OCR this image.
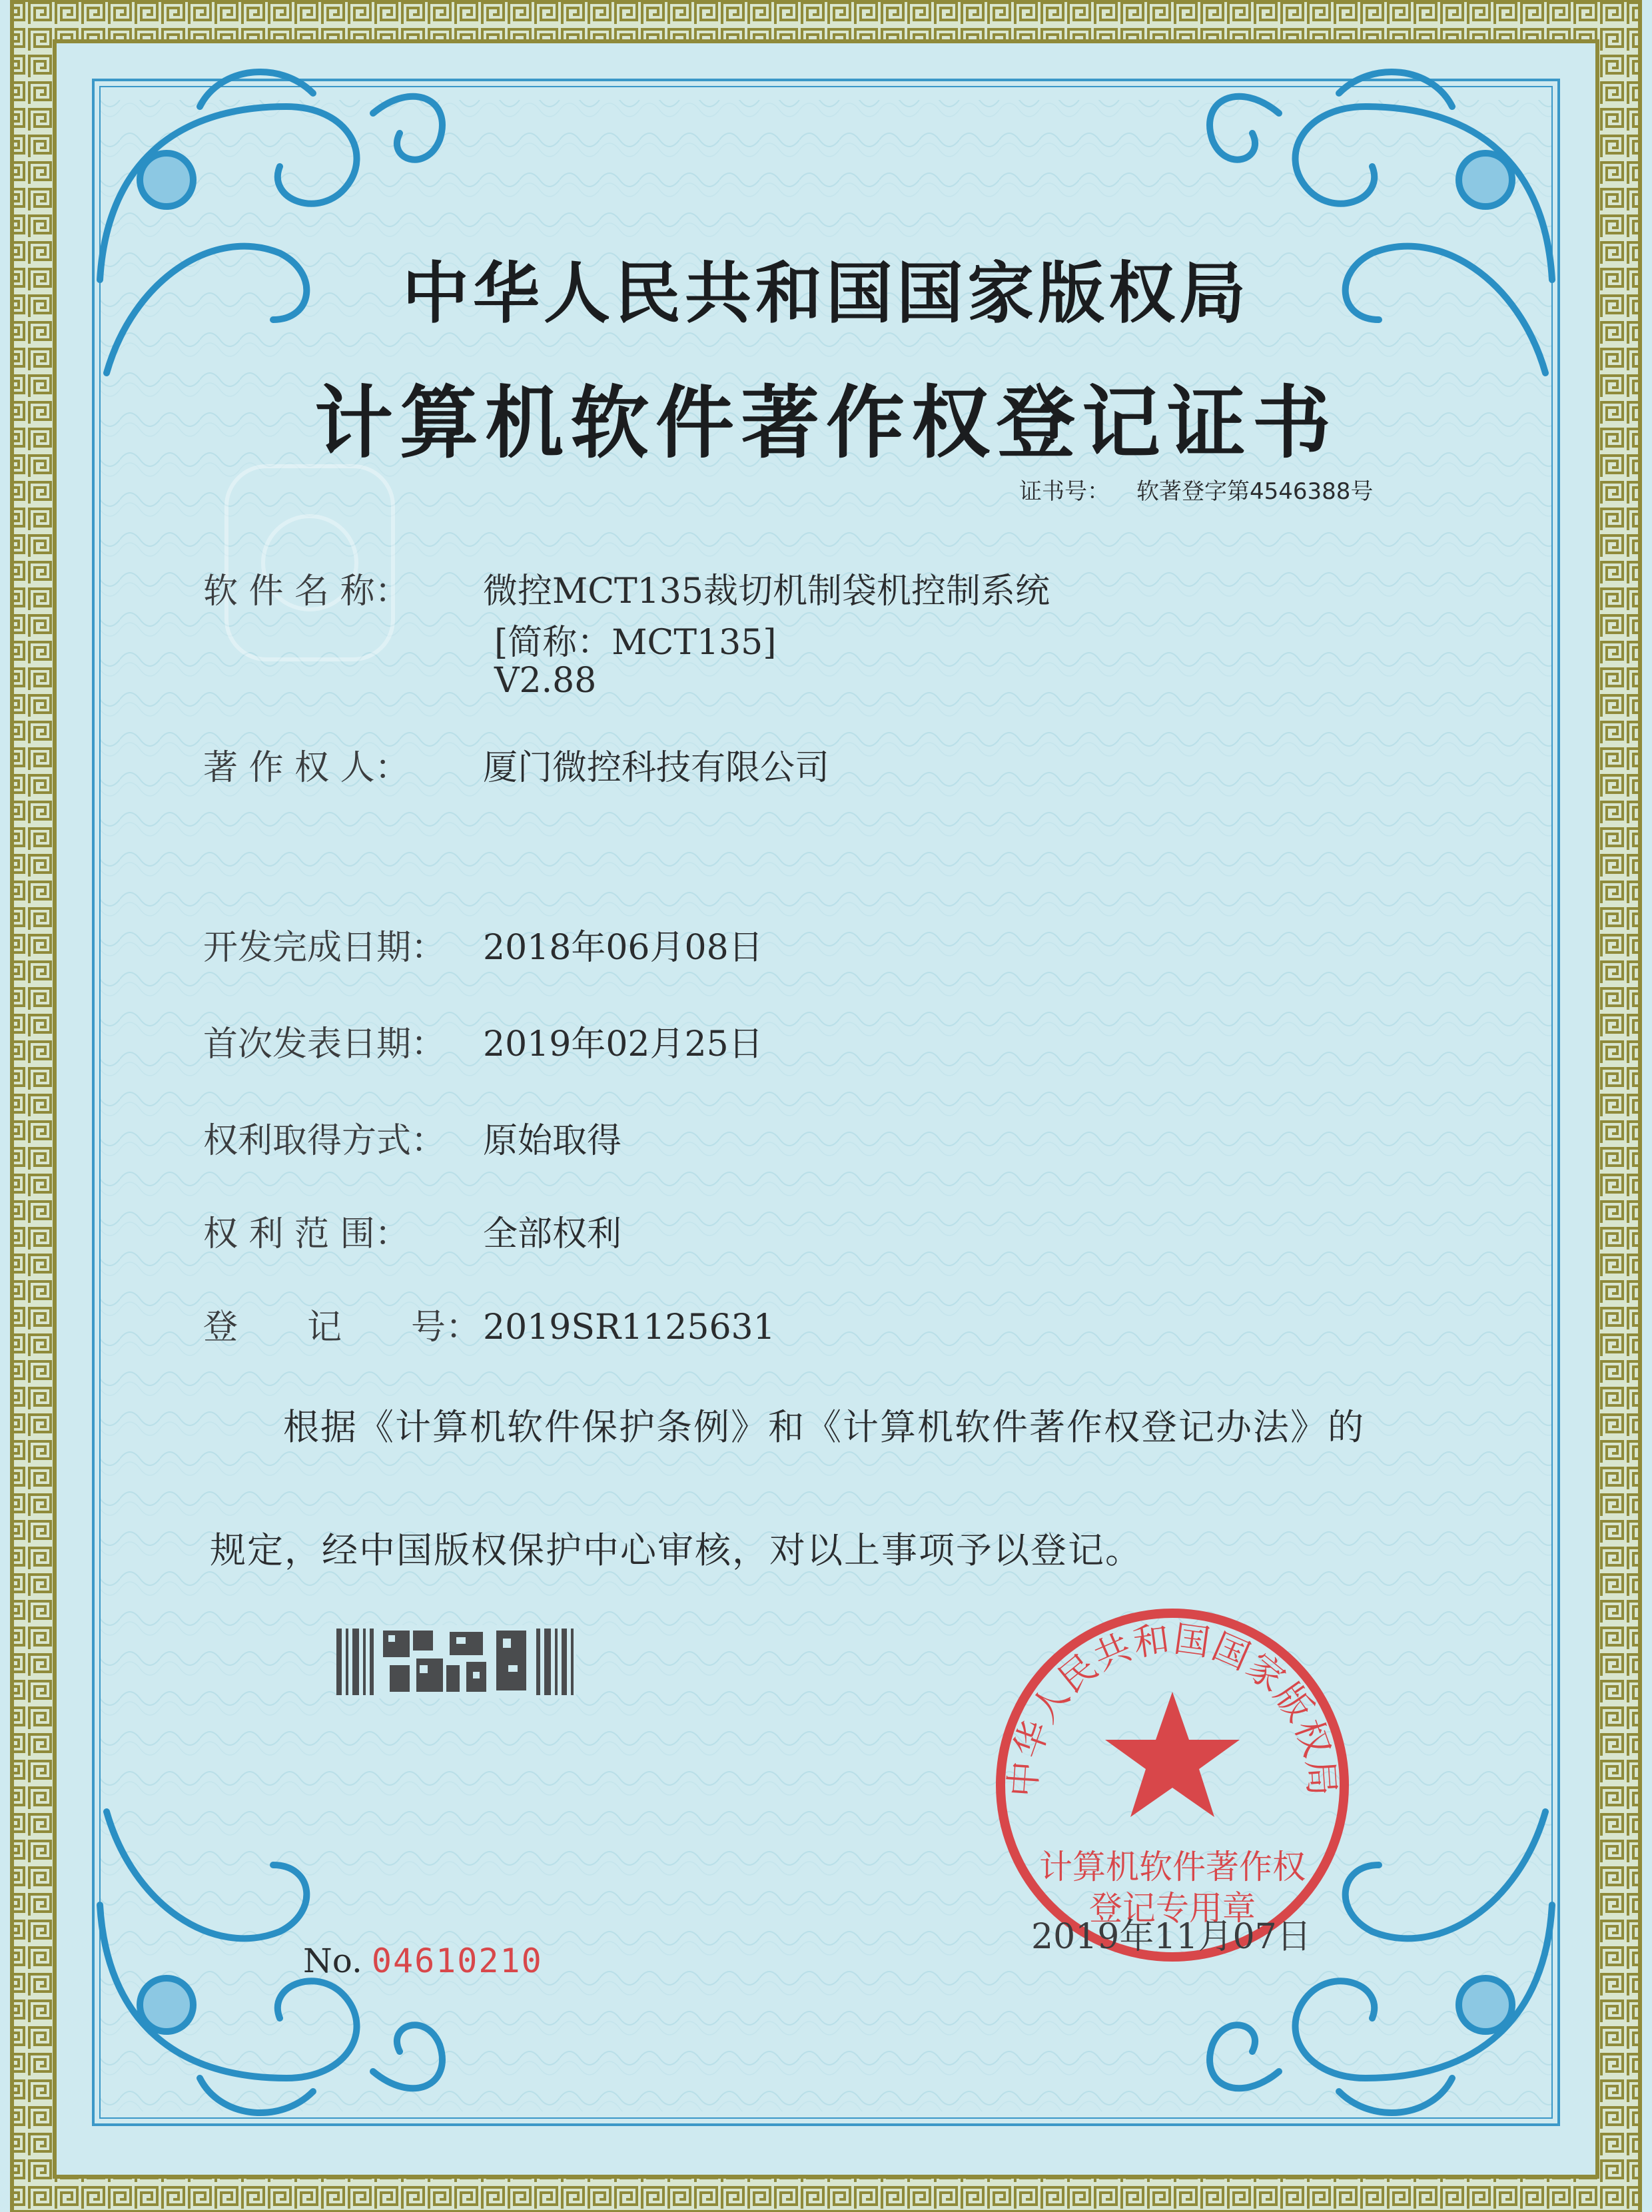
中华人民共和国国家版权局
计算机软件著作权登记证书
证书号： 软著登字第4546388号
软 件 名 称： 微控MCT135裁切机制袋机控制系统
[简称：MCT135]
V2.88
著 作 权 人： 厦门微控科技有限公司
开发完成日期： 2018年06月08日
首次发表日期： 2019年02月25日
权利取得方式： 原始取得
权 利 范 围： 全部权利
登　　记　　号：2019SR1125631
根据《计算机软件保护条例》和《计算机软件著作权登记办法》的
规定，经中国版权保护中心审核，对以上事项予以登记。
中华人民共和国国家版权局
计算机软件著作权
登记专用章
2019年11月07日
No. 04610210
